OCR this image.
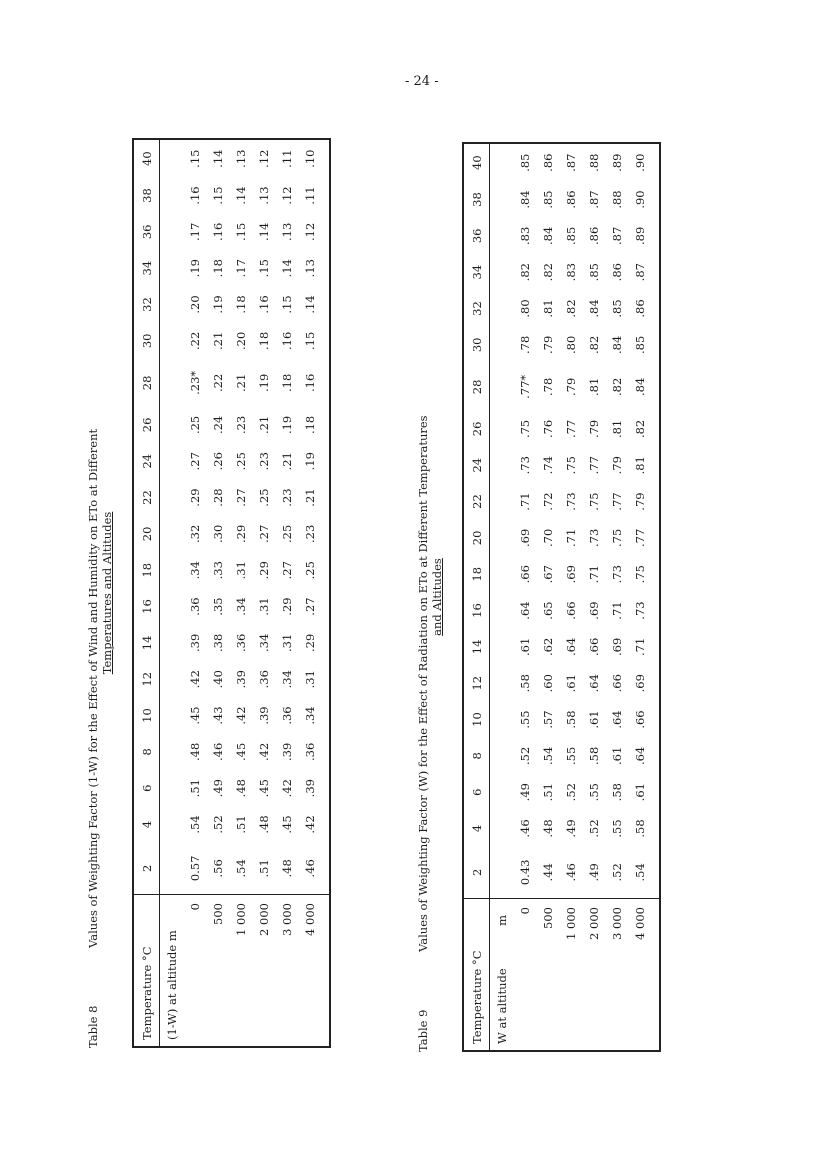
- 24 -
Table 8
Values of Weighting Factor (1-W) for the Effect of Wind and Humidity on ETo at Different Temperatures and Altitudes
Temperature °C	2	4	6	8	10	12	14	16	18	20	22	24	26	28	30	32	34	36	38	40
(1-W) at altitude m																				
0	0.57	.54	.51	.48	.45	.42	.39	.36	.34	.32	.29	.27	.25	.23*	.22	.20	.19	.17	.16	.15
500	.56	.52	.49	.46	.43	.40	.38	.35	.33	.30	.28	.26	.24	.22	.21	.19	.18	.16	.15	.14
1 000	.54	.51	.48	.45	.42	.39	.36	.34	.31	.29	.27	.25	.23	.21	.20	.18	.17	.15	.14	.13
2 000	.51	.48	.45	.42	.39	.36	.34	.31	.29	.27	.25	.23	.21	.19	.18	.16	.15	.14	.13	.12
3 000	.48	.45	.42	.39	.36	.34	.31	.29	.27	.25	.23	.21	.19	.18	.16	.15	.14	.13	.12	.11
4 000	.46	.42	.39	.36	.34	.31	.29	.27	.25	.23	.21	.19	.18	.16	.15	.14	.13	.12	.11	.10

Table 9
Values of Weighting Factor (W) for the Effect of Radiation on ETo at Different Temperatures and Altitudes
Temperature °C	2	4	6	8	10	12	14	16	18	20	22	24	26	28	30	32	34	36	38	40
W at altitude
m																				

0	0.43	.46	.49	.52	.55	.58	.61	.64	.66	.69	.71	.73	.75	.77*	.78	.80	.82	.83	.84	.85
500	.44	.48	.51	.54	.57	.60	.62	.65	.67	.70	.72	.74	.76	.78	.79	.81	.82	.84	.85	.86
1 000	.46	.49	.52	.55	.58	.61	.64	.66	.69	.71	.73	.75	.77	.79	.80	.82	.83	.85	.86	.87
2 000	.49	.52	.55	.58	.61	.64	.66	.69	.71	.73	.75	.77	.79	.81	.82	.84	.85	.86	.87	.88
3 000	.52	.55	.58	.61	.64	.66	.69	.71	.73	.75	.77	.79	.81	.82	.84	.85	.86	.87	.88	.89
4 000	.54	.58	.61	.64	.66	.69	.71	.73	.75	.77	.79	.81	.82	.84	.85	.86	.87	.89	.90	.90
